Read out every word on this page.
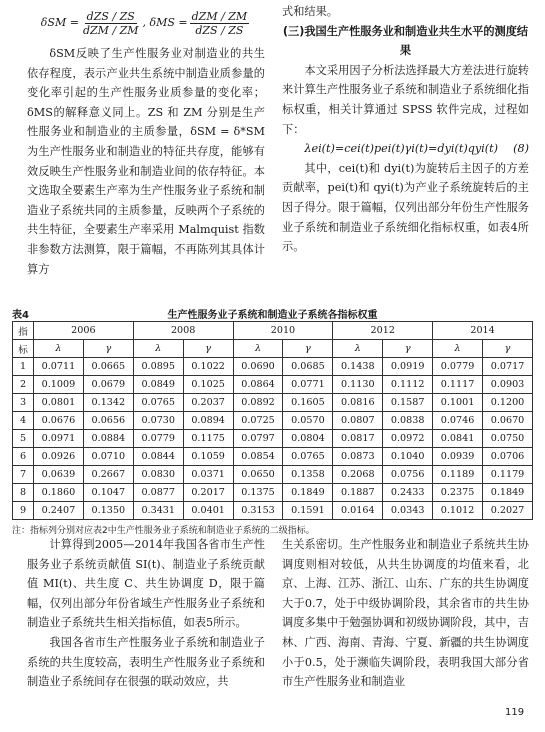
$\delta SM = \frac{\text{dZS / ZS}}{\text{dZM / ZM}}$ , $\delta MS = \frac{\text{dZM / ZM}}{\text{dZS / ZS}}$

δSM反映了生产性服务业对制造业的共生依存程度，表示产业共生系统中制造业质参量的变化率引起的生产性服务业质参量的变化率；δMS的解释意义同上。ZS 和 ZM 分别是生产性服务业和制造业的主质参量，δSM = δ*SM为生产性服务业和制造业的特征共存度，能够有效反映生产性服务业和制造业间的依存特征。本文选取全要素生产率为生产性服务业子系统和制造业子系统共同的主质参量，反映两个子系统的共生特征，全要素生产率采用 Malmquist 指数非参数方法测算，限于篇幅，不再陈列其具体计算方

式和结果。

(三)我国生产性服务业和制造业共生水平的测度结果

本文采用因子分析法选择最大方差法进行旋转来计算生产性服务业子系统和制造业子系统细化指标权重，相关计算通过 SPSS 软件完成，过程如下：

λei(t)=cei(t)pei(t)γi(t)=dyi(t)qyi(t) (8)

其中，cei(t)和 dyi(t)为旋转后主因子的方差贡献率，pei(t)和 qyi(t)为产业子系统旋转后的主因子得分。限于篇幅，仅列出部分年份生产性服务业子系统和制造业子系统细化指标权重，如表4所示。

表4	生产性服务业子系统和制造业子系统各指标权重
指	2006		2008		2010		2012		2014	
标	λ	γ	λ	γ	λ	γ	λ	γ	λ	γ
1	0.0711	0.0665	0.0895	0.1022	0.0690	0.0685	0.1438	0.0919	0.0779	0.0717
2	0.1009	0.0679	0.0849	0.1025	0.0864	0.0771	0.1130	0.1112	0.1117	0.0903
3	0.0801	0.1342	0.0765	0.2037	0.0892	0.1605	0.0816	0.1587	0.1001	0.1200
4	0.0676	0.0656	0.0730	0.0894	0.0725	0.0570	0.0807	0.0838	0.0746	0.0670
5	0.0971	0.0884	0.0779	0.1175	0.0797	0.0804	0.0817	0.0972	0.0841	0.0750
6	0.0926	0.0710	0.0844	0.1059	0.0854	0.0765	0.0873	0.1040	0.0939	0.0706
7	0.0639	0.2667	0.0830	0.0371	0.0650	0.1358	0.2068	0.0756	0.1189	0.1179
8	0.1860	0.1047	0.0877	0.2017	0.1375	0.1849	0.1887	0.2433	0.2375	0.1849
9	0.2407	0.1350	0.3431	0.0401	0.3153	0.1591	0.0164	0.0343	0.1012	0.2027
注：指标列分别对应表2中生产性服务业子系统和制造业子系统的二级指标。

计算得到2005—2014年我国各省市生产性服务业子系统贡献值 SI(t)、制造业子系统贡献值 MI(t)、共生度 C、共生协调度 D，限于篇幅，仅列出部分年份省域生产性服务业子系统和制造业子系统共生相关指标值，如表5所示。

我国各省市生产性服务业子系统和制造业子系统的共生度较高，表明生产性服务业子系统和制造业子系统间存在很强的联动效应，共

生关系密切。生产性服务业和制造业子系统共生协调度则相对较低，从共生协调度的均值来看，北京、上海、江苏、浙江、山东、广东的共生协调度大于0.7，处于中级协调阶段，其余省市的共生协调度多集中于勉强协调和初级协调阶段，其中，吉林、广西、海南、青海、宁夏、新疆的共生协调度小于0.5，处于濒临失调阶段，表明我国大部分省市生产性服务业和制造业

119
